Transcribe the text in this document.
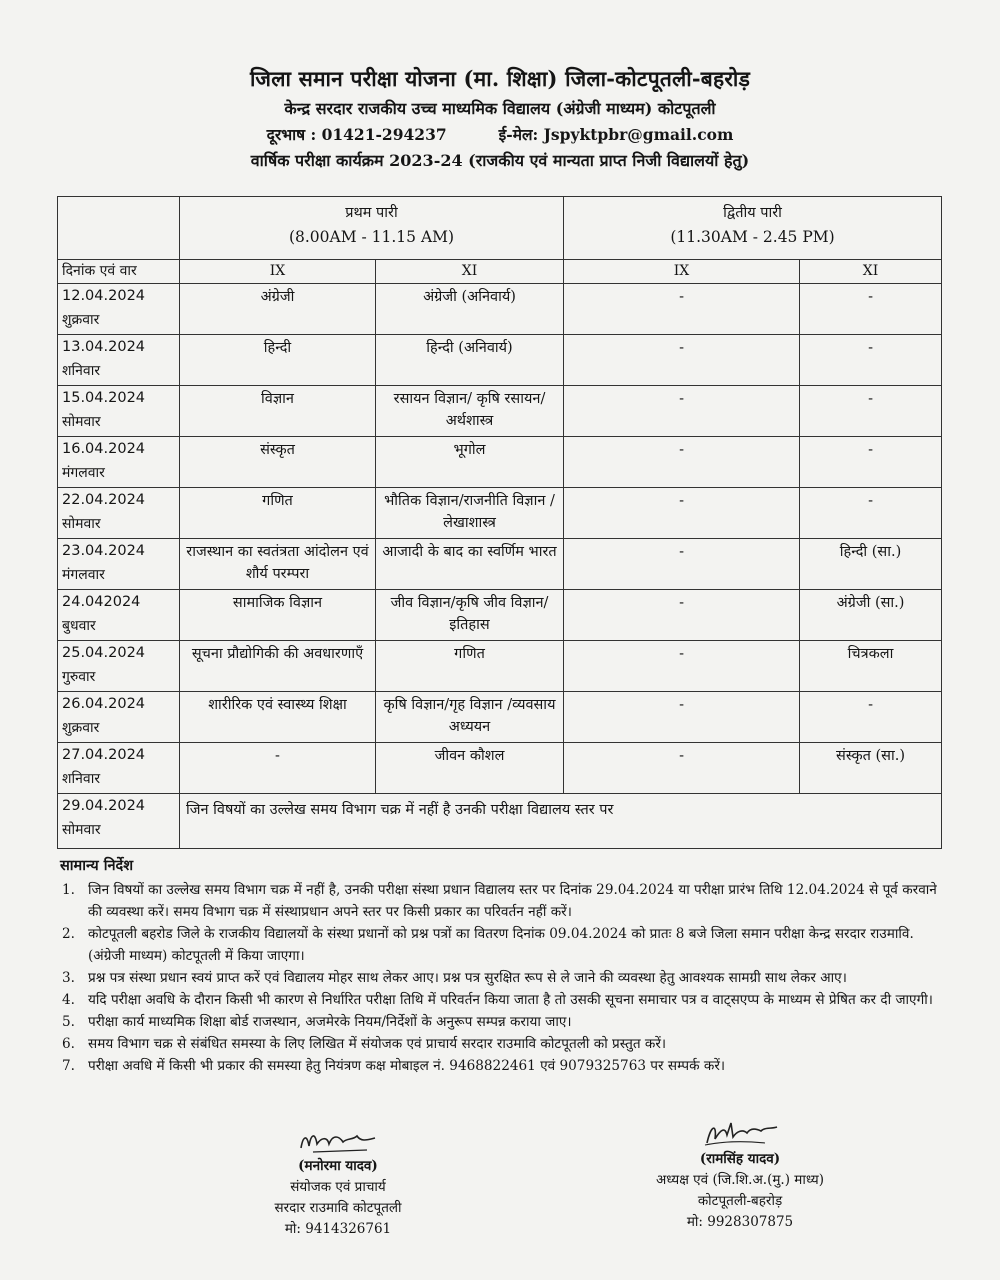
जिला समान परीक्षा योजना (मा. शिक्षा) जिला-कोटपूतली-बहरोड़
केन्द्र सरदार राजकीय उच्च माध्यमिक विद्यालय (अंग्रेजी माध्यम) कोटपूतली
दूरभाष : 01421-294237	ई-मेल: Jspyktpbr@gmail.com
वार्षिक परीक्षा कार्यक्रम 2023-24 (राजकीय एवं मान्यता प्राप्त निजी विद्यालयों हेतु)

	प्रथम पारी
(8.00AM - 11.15 AM)		द्वितीय पारी
(11.30AM - 2.45 PM)	

दिनांक एवं वार	IX	XI	IX	XI

12.04.2024
शुक्रवार	अंग्रेजी	अंग्रेजी (अनिवार्य)	-	-

13.04.2024
शनिवार	हिन्दी	हिन्दी (अनिवार्य)	-	-

15.04.2024
सोमवार	विज्ञान	रसायन विज्ञान/ कृषि रसायन/अर्थशास्त्र	-	-

16.04.2024
मंगलवार	संस्कृत	भूगोल	-	-

22.04.2024
सोमवार	गणित	भौतिक विज्ञान/राजनीति विज्ञान /लेखाशास्त्र	-	-

23.04.2024
मंगलवार	राजस्थान का स्वतंत्रता आंदोलन एवं शौर्य परम्परा	आजादी के बाद का स्वर्णिम भारत	-	हिन्दी (सा.)

24.042024
बुधवार	सामाजिक विज्ञान	जीव विज्ञान/कृषि जीव विज्ञान/इतिहास	-	अंग्रेजी (सा.)

25.04.2024
गुरुवार	सूचना प्रौद्योगिकी की अवधारणाएँ	गणित	-	चित्रकला

26.04.2024
शुक्रवार	शारीरिक एवं स्वास्थ्य शिक्षा	कृषि विज्ञान/गृह विज्ञान /व्यवसाय अध्ययन	-	-

27.04.2024
शनिवार	-	जीवन कौशल	-	संस्कृत (सा.)

29.04.2024
सोमवार	जिन विषयों का उल्लेख समय विभाग चक्र में नहीं है उनकी परीक्षा विद्यालय स्तर पर			
सामान्य निर्देश
1. जिन विषयों का उल्लेख समय विभाग चक्र में नहीं है, उनकी परीक्षा संस्था प्रधान विद्यालय स्तर पर दिनांक 29.04.2024 या परीक्षा प्रारंभ तिथि 12.04.2024 से पूर्व करवाने की व्यवस्था करें। समय विभाग चक्र में संस्थाप्रधान अपने स्तर पर किसी प्रकार का परिवर्तन नहीं करें।
2. कोटपूतली बहरोड जिले के राजकीय विद्यालयों के संस्था प्रधानों को प्रश्न पत्रों का वितरण दिनांक 09.04.2024 को प्रातः 8 बजे जिला समान परीक्षा केन्द्र सरदार राउमावि. (अंग्रेजी माध्यम) कोटपूतली में किया जाएगा।
3. प्रश्न पत्र संस्था प्रधान स्वयं प्राप्त करें एवं विद्यालय मोहर साथ लेकर आए। प्रश्न पत्र सुरक्षित रूप से ले जाने की व्यवस्था हेतु आवश्यक सामग्री साथ लेकर आए।
4. यदि परीक्षा अवधि के दौरान किसी भी कारण से निर्धारित परीक्षा तिथि में परिवर्तन किया जाता है तो उसकी सूचना समाचार पत्र व वाट्सएप्प के माध्यम से प्रेषित कर दी जाएगी।
5. परीक्षा कार्य माध्यमिक शिक्षा बोर्ड राजस्थान, अजमेरके नियम/निर्देशों के अनुरूप सम्पन्न कराया जाए।
6. समय विभाग चक्र से संबंधित समस्या के लिए लिखित में संयोजक एवं प्राचार्य सरदार राउमावि कोटपूतली को प्रस्तुत करें।
7. परीक्षा अवधि में किसी भी प्रकार की समस्या हेतु नियंत्रण कक्ष मोबाइल नं. 9468822461 एवं 9079325763 पर सम्पर्क करें।
(मनोरमा यादव)
संयोजक एवं प्राचार्य
सरदार राउमावि कोटपूतली
मो: 9414326761
(रामसिंह यादव)
अध्यक्ष एवं (जि.शि.अ.(मु.) माध्य)
कोटपूतली-बहरोड़
मो: 9928307875
